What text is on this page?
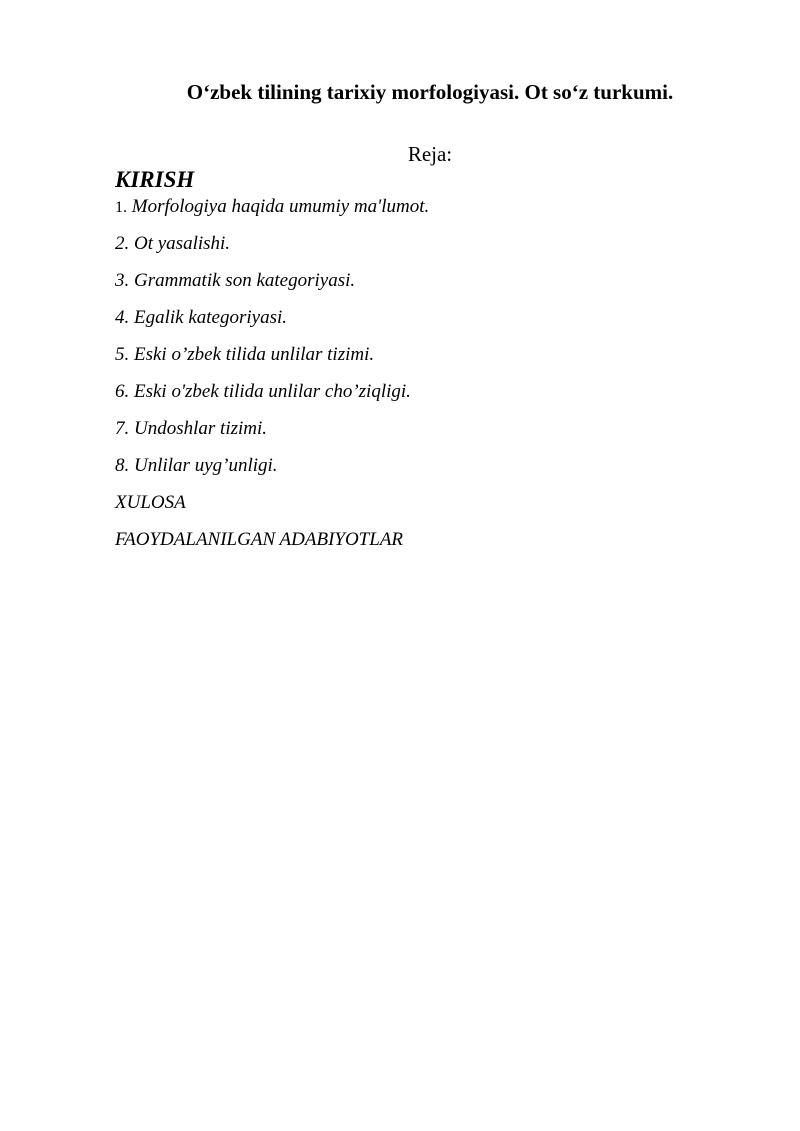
O‘zbek tilining tarixiy morfologiyasi. Ot so‘z turkumi.
Reja:
KIRISH
1. Morfologiya haqida umumiy ma'lumot.
2. Ot yasalishi.
3. Grammatik son kategoriyasi.
4. Egalik kategoriyasi.
5. Eski o’zbek tilida unlilar tizimi.
6. Eski o'zbek tilida unlilar cho’ziqligi.
7. Undoshlar tizimi.
8. Unlilar uyg’unligi.
XULOSA
FAOYDALANILGAN ADABIYOTLAR
